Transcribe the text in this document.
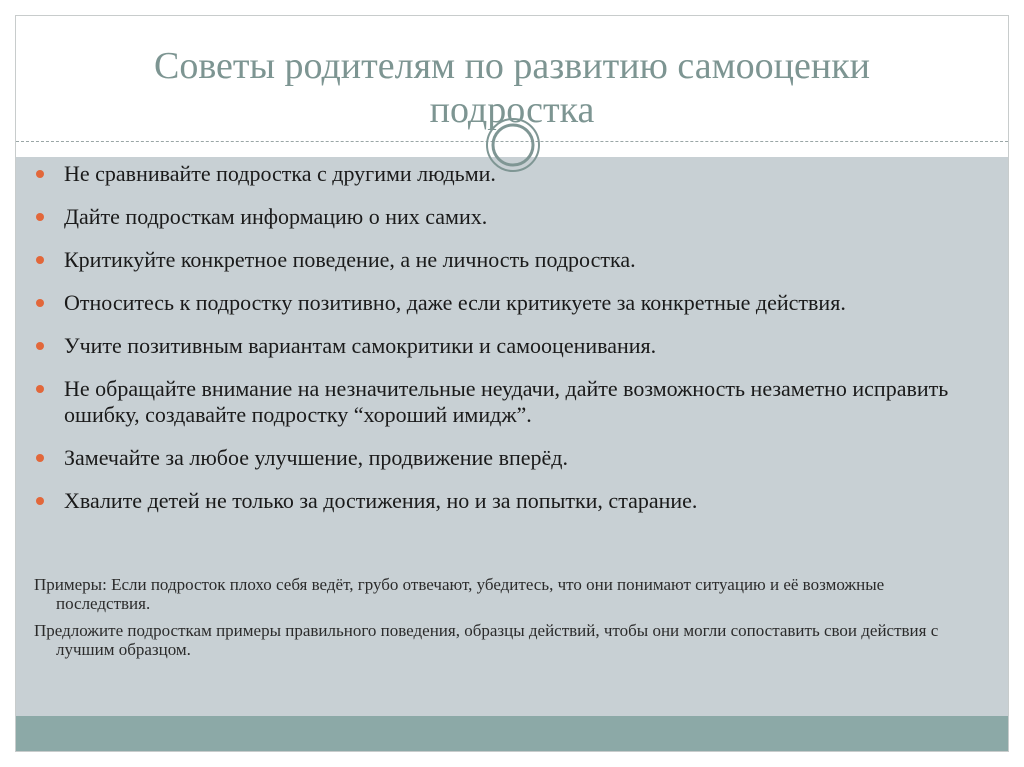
Советы родителям по развитию самооценки подростка
Не сравнивайте подростка с другими людьми.
Дайте подросткам информацию о них самих.
Критикуйте конкретное поведение, а не личность подростка.
Относитесь к подростку позитивно, даже если критикуете за конкретные действия.
Учите позитивным вариантам самокритики и самооценивания.
Не обращайте внимание на незначительные неудачи, дайте возможность незаметно исправить ошибку, создавайте подростку “хороший имидж”.
Замечайте за любое улучшение, продвижение вперёд.
Хвалите детей не только за достижения, но и за попытки, старание.

Примеры: Если подросток плохо себя ведёт, грубо отвечают, убедитесь, что они понимают ситуацию и её возможные последствия.

Предложите подросткам примеры правильного поведения, образцы действий, чтобы они могли сопоставить свои действия с лучшим образцом.
